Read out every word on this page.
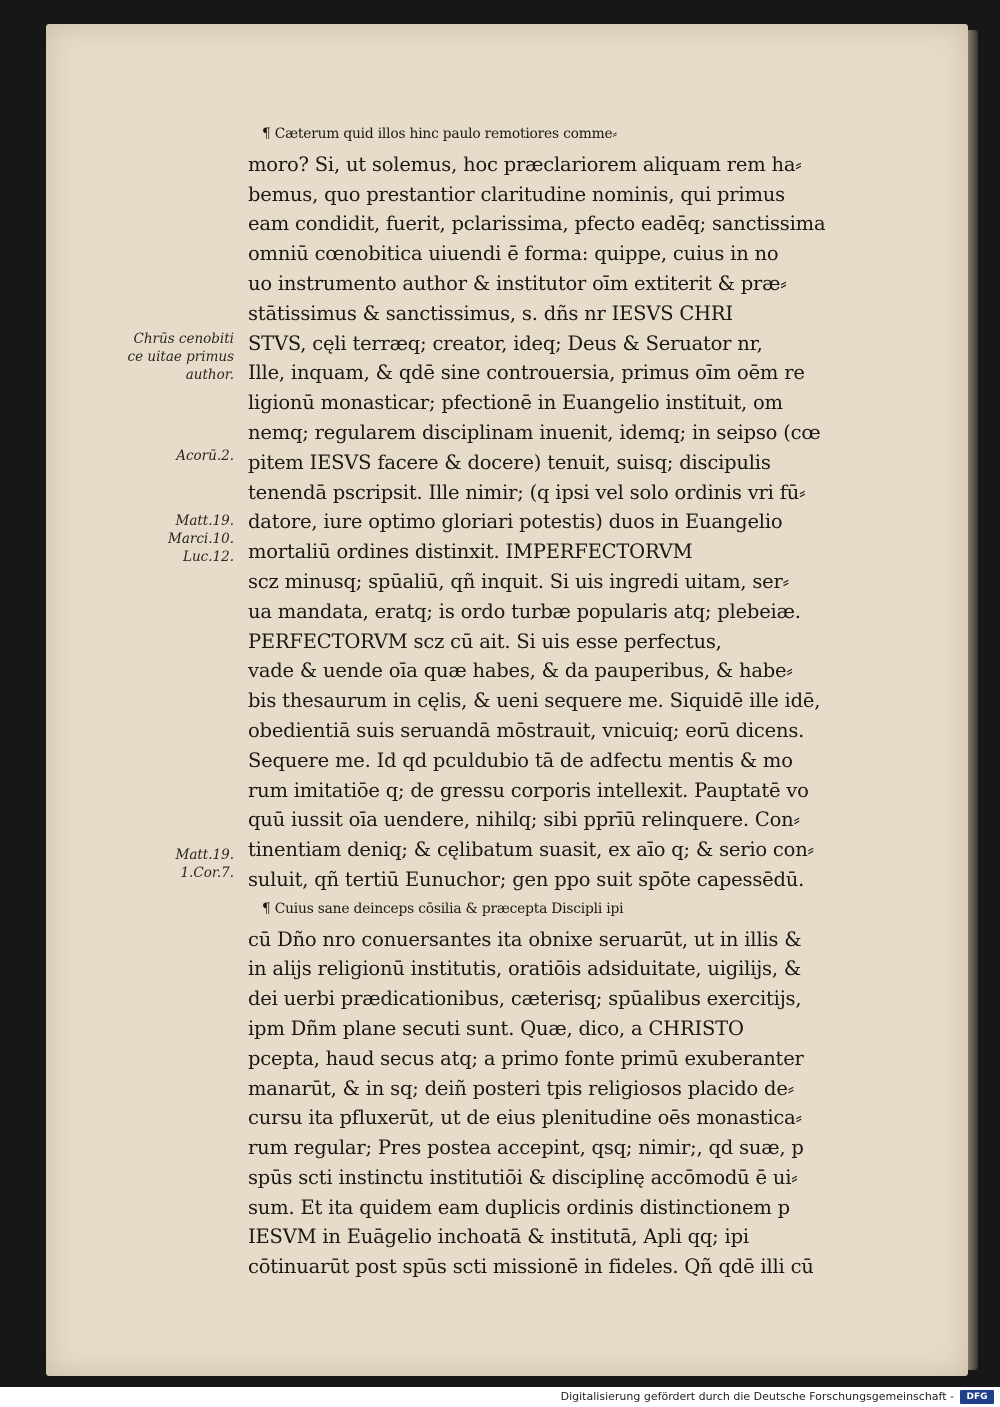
¶ Cæterum quid illos hinc paulo remotiores comme⸗
moro? Si, ut solemus, hoc præclariorem aliquam rem ha⸗
bemus, quo prestantior claritudine nominis, qui primus
eam condidit, fuerit, pclarissima, pfecto eadēq; sanctissima
omniū cœnobitica uiuendi ē forma: quippe, cuius in no
uo instrumento author & institutor oīm extiterit & præ⸗
stātissimus & sanctissimus, s. dñs nr IESVS CHRI
STVS, cęli terræq; creator, ideq; Deus & Seruator nr,
Ille, inquam, & qdē sine controuersia, primus oīm oēm re
ligionū monasticar; pfectionē in Euangelio instituit, om
nemq; regularem disciplinam inuenit, idemq; in seipso (cœ
pitem IESVS facere & docere) tenuit, suisq; discipulis
tenendā pscripsit. Ille nimir; (q ipsi vel solo ordinis vri fū⸗
datore, iure optimo gloriari potestis) duos in Euangelio
mortaliū ordines distinxit. IMPERFECTORVM
scz minusq; spūaliū, qñ inquit. Si uis ingredi uitam, ser⸗
ua mandata, eratq; is ordo turbæ popularis atq; plebeiæ.
PERFECTORVM scz cū ait. Si uis esse perfectus,
vade & uende oīa quæ habes, & da pauperibus, & habe⸗
bis thesaurum in cęlis, & ueni sequere me. Siquidē ille idē,
obedientiā suis seruandā mōstrauit, vnicuiq; eorū dicens.
Sequere me. Id qd pculdubio tā de adfectu mentis & mo
rum imitatiōe q; de gressu corporis intellexit. Pauptatē vo
quū iussit oīa uendere, nihilq; sibi pprīū relinquere. Con⸗
tinentiam deniq; & cęlibatum suasit, ex aīo q; & serio con⸗
suluit, qñ tertiū Eunuchor; gen ppo suit spōte capessēdū.
¶ Cuius sane deinceps cōsilia & præcepta Discipli ipi
cū Dño nro conuersantes ita obnixe seruarūt, ut in illis &
in alijs religionū institutis, oratiōis adsiduitate, uigilijs, &
dei uerbi prædicationibus, cæterisq; spūalibus exercitijs,
ipm Dñm plane secuti sunt. Quæ, dico, a CHRISTO
pcepta, haud secus atq; a primo fonte primū exuberanter
manarūt, & in sq; deiñ posteri tpis religiosos placido de⸗
cursu ita pfluxerūt, ut de eius plenitudine oēs monastica⸗
rum regular; Pres postea accepint, qsq; nimir;, qd suæ, p
spūs scti instinctu institutiōi & disciplinę accōmodū ē ui⸗
sum. Et ita quidem eam duplicis ordinis distinctionem p
IESVM in Euāgelio inchoatā & institutā, Apli qq; ipi
cōtinuarūt post spūs scti missionē in fideles. Qñ qdē illi cū
Chrūs cenobiti
ce uitae primus
author.
Acorū.2.
Matt.19.
Marci.10.
Luc.12.
Matt.19.
1.Cor.7.
Digitalisierung gefördert durch die Deutsche Forschungsgemeinschaft -	DFG
